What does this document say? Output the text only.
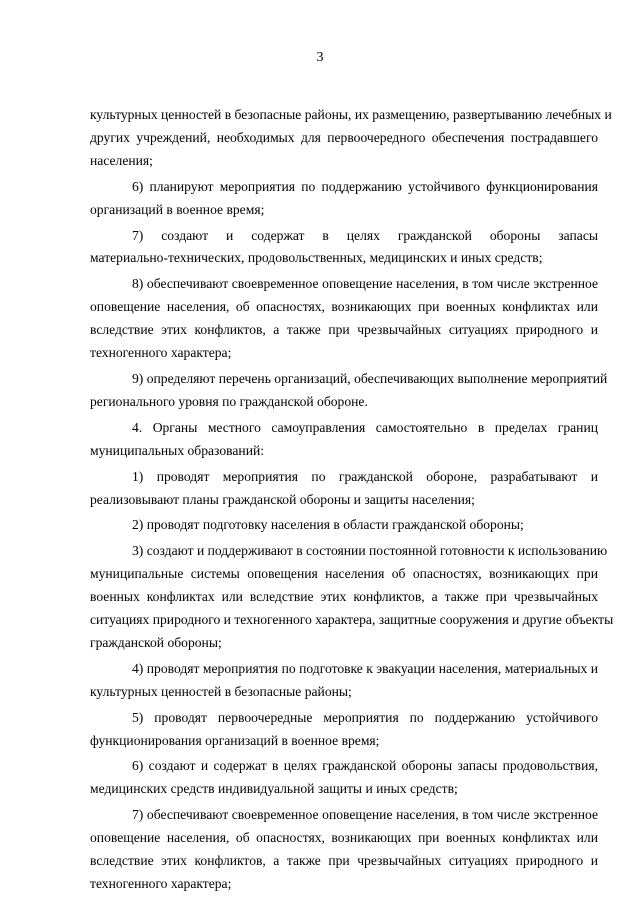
3
культурных ценностей в безопасные районы, их размещению, развертыванию лечебных и
других учреждений, необходимых для первоочередного обеспечения пострадавшего
населения;
6) планируют мероприятия по поддержанию устойчивого функционирования
организаций в военное время;
7) создают и содержат в целях гражданской обороны запасы
материально-технических, продовольственных, медицинских и иных средств;
8) обеспечивают своевременное оповещение населения, в том числе экстренное
оповещение населения, об опасностях, возникающих при военных конфликтах или
вследствие этих конфликтов, а также при чрезвычайных ситуациях природного и
техногенного характера;
9) определяют перечень организаций, обеспечивающих выполнение мероприятий
регионального уровня по гражданской обороне.
4. Органы местного самоуправления самостоятельно в пределах границ
муниципальных образований:
1) проводят мероприятия по гражданской обороне, разрабатывают и
реализовывают планы гражданской обороны и защиты населения;
2) проводят подготовку населения в области гражданской обороны;
3) создают и поддерживают в состоянии постоянной готовности к использованию
муниципальные системы оповещения населения об опасностях, возникающих при
военных конфликтах или вследствие этих конфликтов, а также при чрезвычайных
ситуациях природного и техногенного характера, защитные сооружения и другие объекты
гражданской обороны;
4) проводят мероприятия по подготовке к эвакуации населения, материальных и
культурных ценностей в безопасные районы;
5) проводят первоочередные мероприятия по поддержанию устойчивого
функционирования организаций в военное время;
6) создают и содержат в целях гражданской обороны запасы продовольствия,
медицинских средств индивидуальной защиты и иных средств;
7) обеспечивают своевременное оповещение населения, в том числе экстренное
оповещение населения, об опасностях, возникающих при военных конфликтах или
вследствие этих конфликтов, а также при чрезвычайных ситуациях природного и
техногенного характера;
